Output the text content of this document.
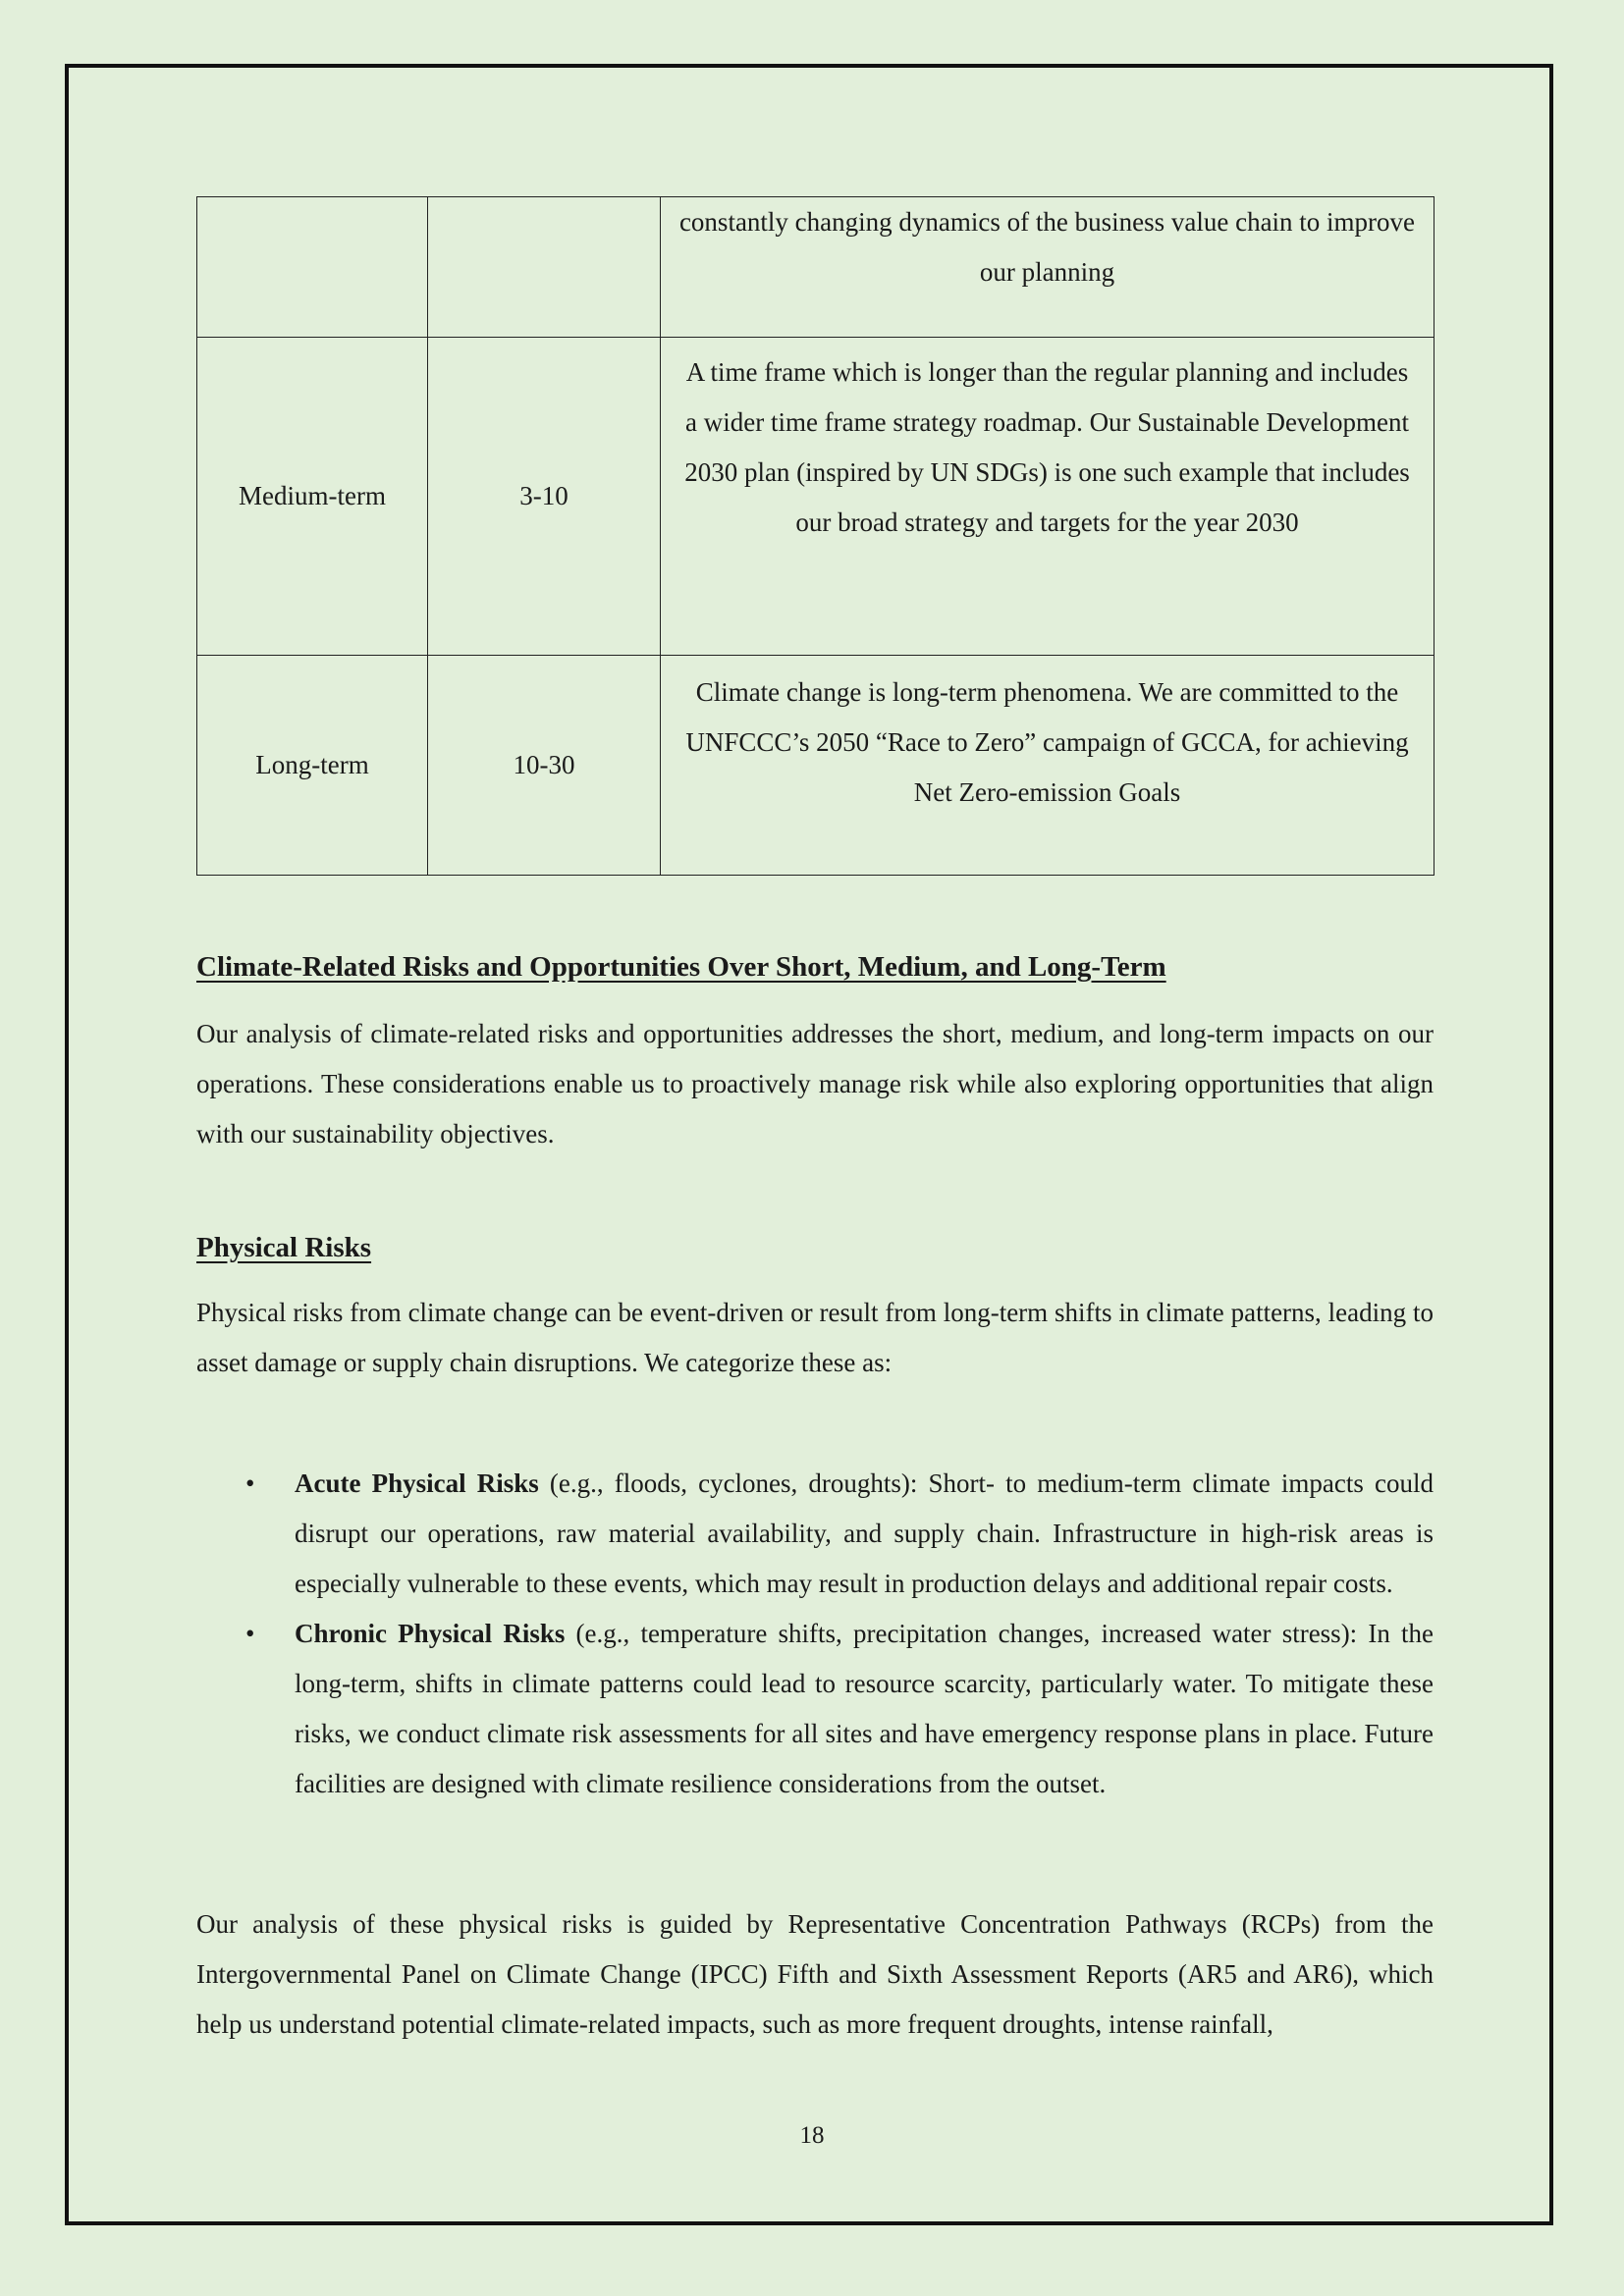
		constantly changing dynamics of the business value chain to improve our planning
Medium-term	3-10	A time frame which is longer than the regular planning and includes a wider time frame strategy roadmap. Our Sustainable Development 2030 plan (inspired by UN SDGs) is one such example that includes our broad strategy and targets for the year 2030
Long-term	10-30	Climate change is long-term phenomena. We are committed to the UNFCCC’s 2050 “Race to Zero” campaign of GCCA, for achieving Net Zero-emission Goals
Climate-Related Risks and Opportunities Over Short, Medium, and Long-Term

Our analysis of climate-related risks and opportunities addresses the short, medium, and long-term impacts on our operations. These considerations enable us to proactively manage risk while also exploring opportunities that align with our sustainability objectives.

Physical Risks

Physical risks from climate change can be event-driven or result from long-term shifts in climate patterns, leading to asset damage or supply chain disruptions. We categorize these as:

• Acute Physical Risks (e.g., floods, cyclones, droughts): Short- to medium-term climate impacts could disrupt our operations, raw material availability, and supply chain. Infrastructure in high-risk areas is especially vulnerable to these events, which may result in production delays and additional repair costs.
• Chronic Physical Risks (e.g., temperature shifts, precipitation changes, increased water stress): In the long-term, shifts in climate patterns could lead to resource scarcity, particularly water. To mitigate these risks, we conduct climate risk assessments for all sites and have emergency response plans in place. Future facilities are designed with climate resilience considerations from the outset.

Our analysis of these physical risks is guided by Representative Concentration Pathways (RCPs) from the Intergovernmental Panel on Climate Change (IPCC) Fifth and Sixth Assessment Reports (AR5 and AR6), which help us understand potential climate-related impacts, such as more frequent droughts, intense rainfall,

18
